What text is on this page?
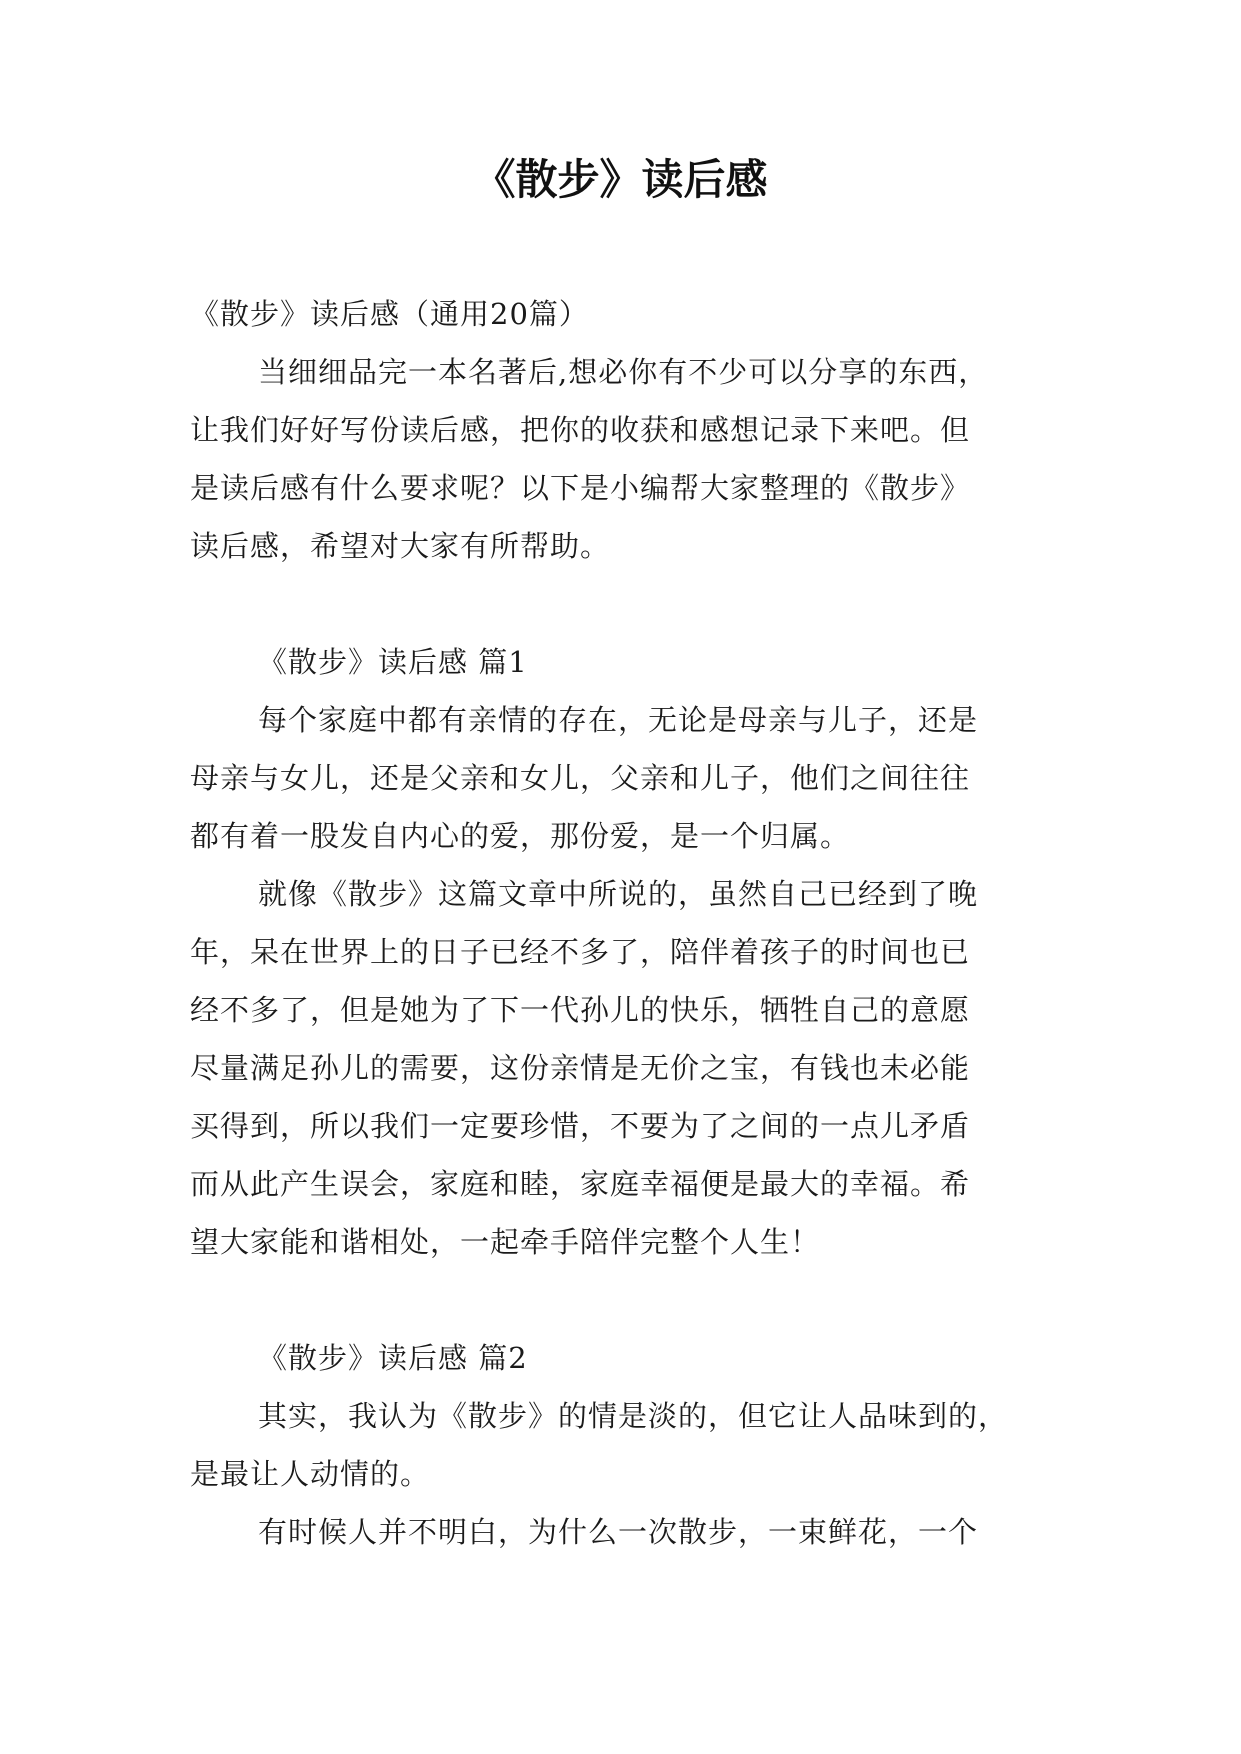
《散步》读后感

《散步》读后感（通用20篇）

当细细品完一本名著后,想必你有不少可以分享的东西，

让我们好好写份读后感，把你的收获和感想记录下来吧。但

是读后感有什么要求呢？以下是小编帮大家整理的《散步》

读后感，希望对大家有所帮助。

《散步》读后感 篇1

每个家庭中都有亲情的存在，无论是母亲与儿子，还是

母亲与女儿，还是父亲和女儿，父亲和儿子，他们之间往往

都有着一股发自内心的爱，那份爱，是一个归属。

就像《散步》这篇文章中所说的，虽然自己已经到了晚

年，呆在世界上的日子已经不多了，陪伴着孩子的时间也已

经不多了，但是她为了下一代孙儿的快乐，牺牲自己的意愿

尽量满足孙儿的需要，这份亲情是无价之宝，有钱也未必能

买得到，所以我们一定要珍惜，不要为了之间的一点儿矛盾

而从此产生误会，家庭和睦，家庭幸福便是最大的幸福。希

望大家能和谐相处，一起牵手陪伴完整个人生！

《散步》读后感 篇2

其实，我认为《散步》的情是淡的，但它让人品味到的，

是最让人动情的。

有时候人并不明白，为什么一次散步，一束鲜花，一个
